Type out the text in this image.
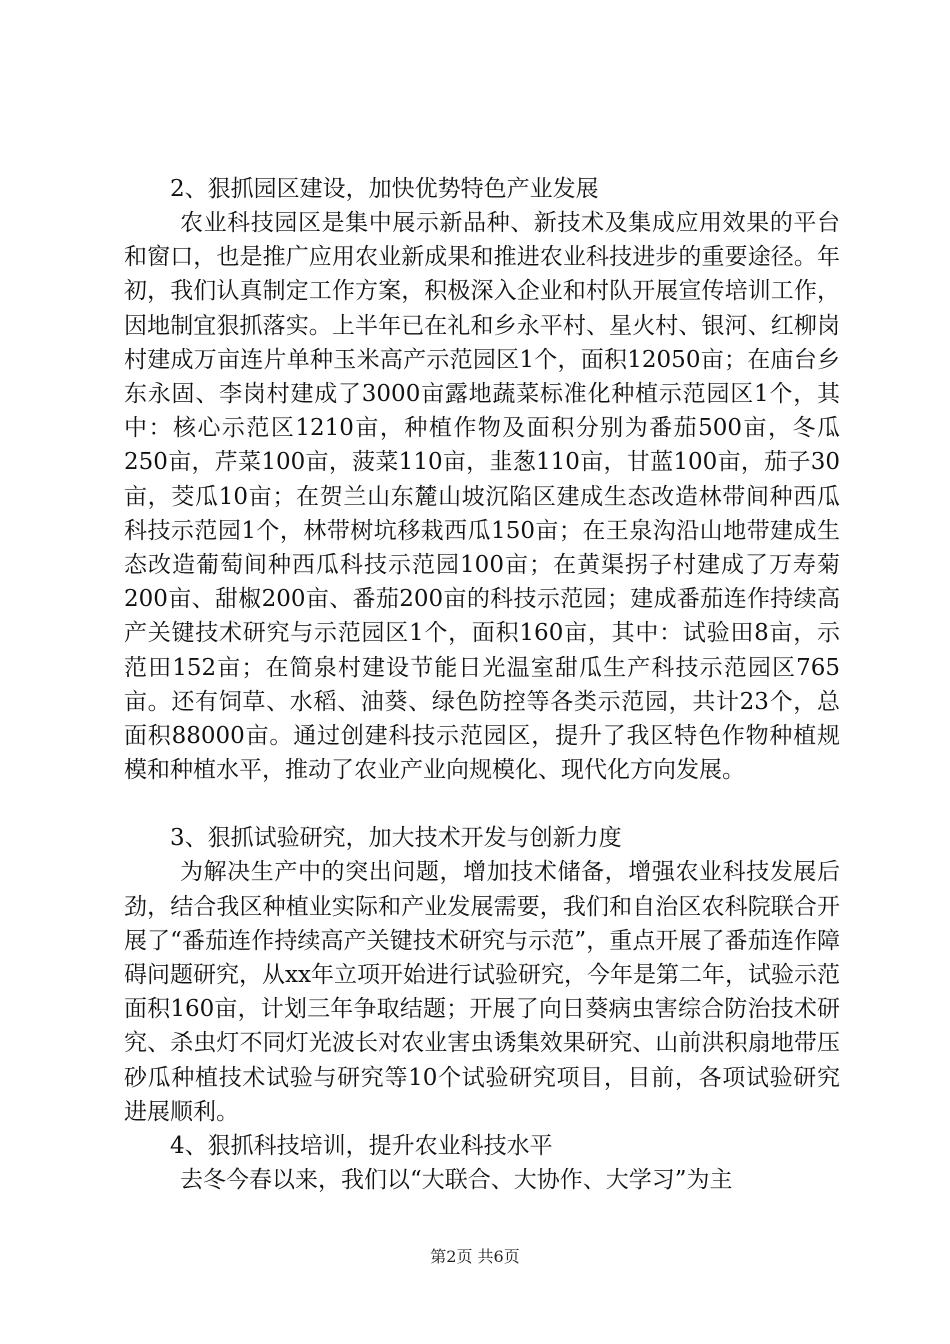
2、狠抓园区建设，加快优势特色产业发展

农业科技园区是集中展示新品种、新技术及集成应用效果的平台和窗口，也是推广应用农业新成果和推进农业科技进步的重要途径。年初，我们认真制定工作方案，积极深入企业和村队开展宣传培训工作，因地制宜狠抓落实。上半年已在礼和乡永平村、星火村、银河、红柳岗村建成万亩连片单种玉米高产示范园区1个，面积12050亩；在庙台乡东永固、李岗村建成了3000亩露地蔬菜标准化种植示范园区1个，其中：核心示范区1210亩，种植作物及面积分别为番茄500亩，冬瓜250亩，芹菜100亩，菠菜110亩，韭葱110亩，甘蓝100亩，茄子30亩，茭瓜10亩；在贺兰山东麓山坡沉陷区建成生态改造林带间种西瓜科技示范园1个，林带树坑移栽西瓜150亩；在王泉沟沿山地带建成生态改造葡萄间种西瓜科技示范园100亩；在黄渠拐子村建成了万寿菊200亩、甜椒200亩、番茄200亩的科技示范园；建成番茄连作持续高产关键技术研究与示范园区1个，面积160亩，其中：试验田8亩，示范田152亩；在简泉村建设节能日光温室甜瓜生产科技示范园区765亩。还有饲草、水稻、油葵、绿色防控等各类示范园，共计23个，总面积88000亩。通过创建科技示范园区，提升了我区特色作物种植规模和种植水平，推动了农业产业向规模化、现代化方向发展。

3、狠抓试验研究，加大技术开发与创新力度

为解决生产中的突出问题，增加技术储备，增强农业科技发展后劲，结合我区种植业实际和产业发展需要，我们和自治区农科院联合开展了“番茄连作持续高产关键技术研究与示范”，重点开展了番茄连作障碍问题研究，从xx年立项开始进行试验研究，今年是第二年，试验示范面积160亩，计划三年争取结题；开展了向日葵病虫害综合防治技术研究、杀虫灯不同灯光波长对农业害虫诱集效果研究、山前洪积扇地带压砂瓜种植技术试验与研究等10个试验研究项目，目前，各项试验研究进展顺利。

4、狠抓科技培训，提升农业科技水平

去冬今春以来，我们以“大联合、大协作、大学习”为主

第2页 共6页
